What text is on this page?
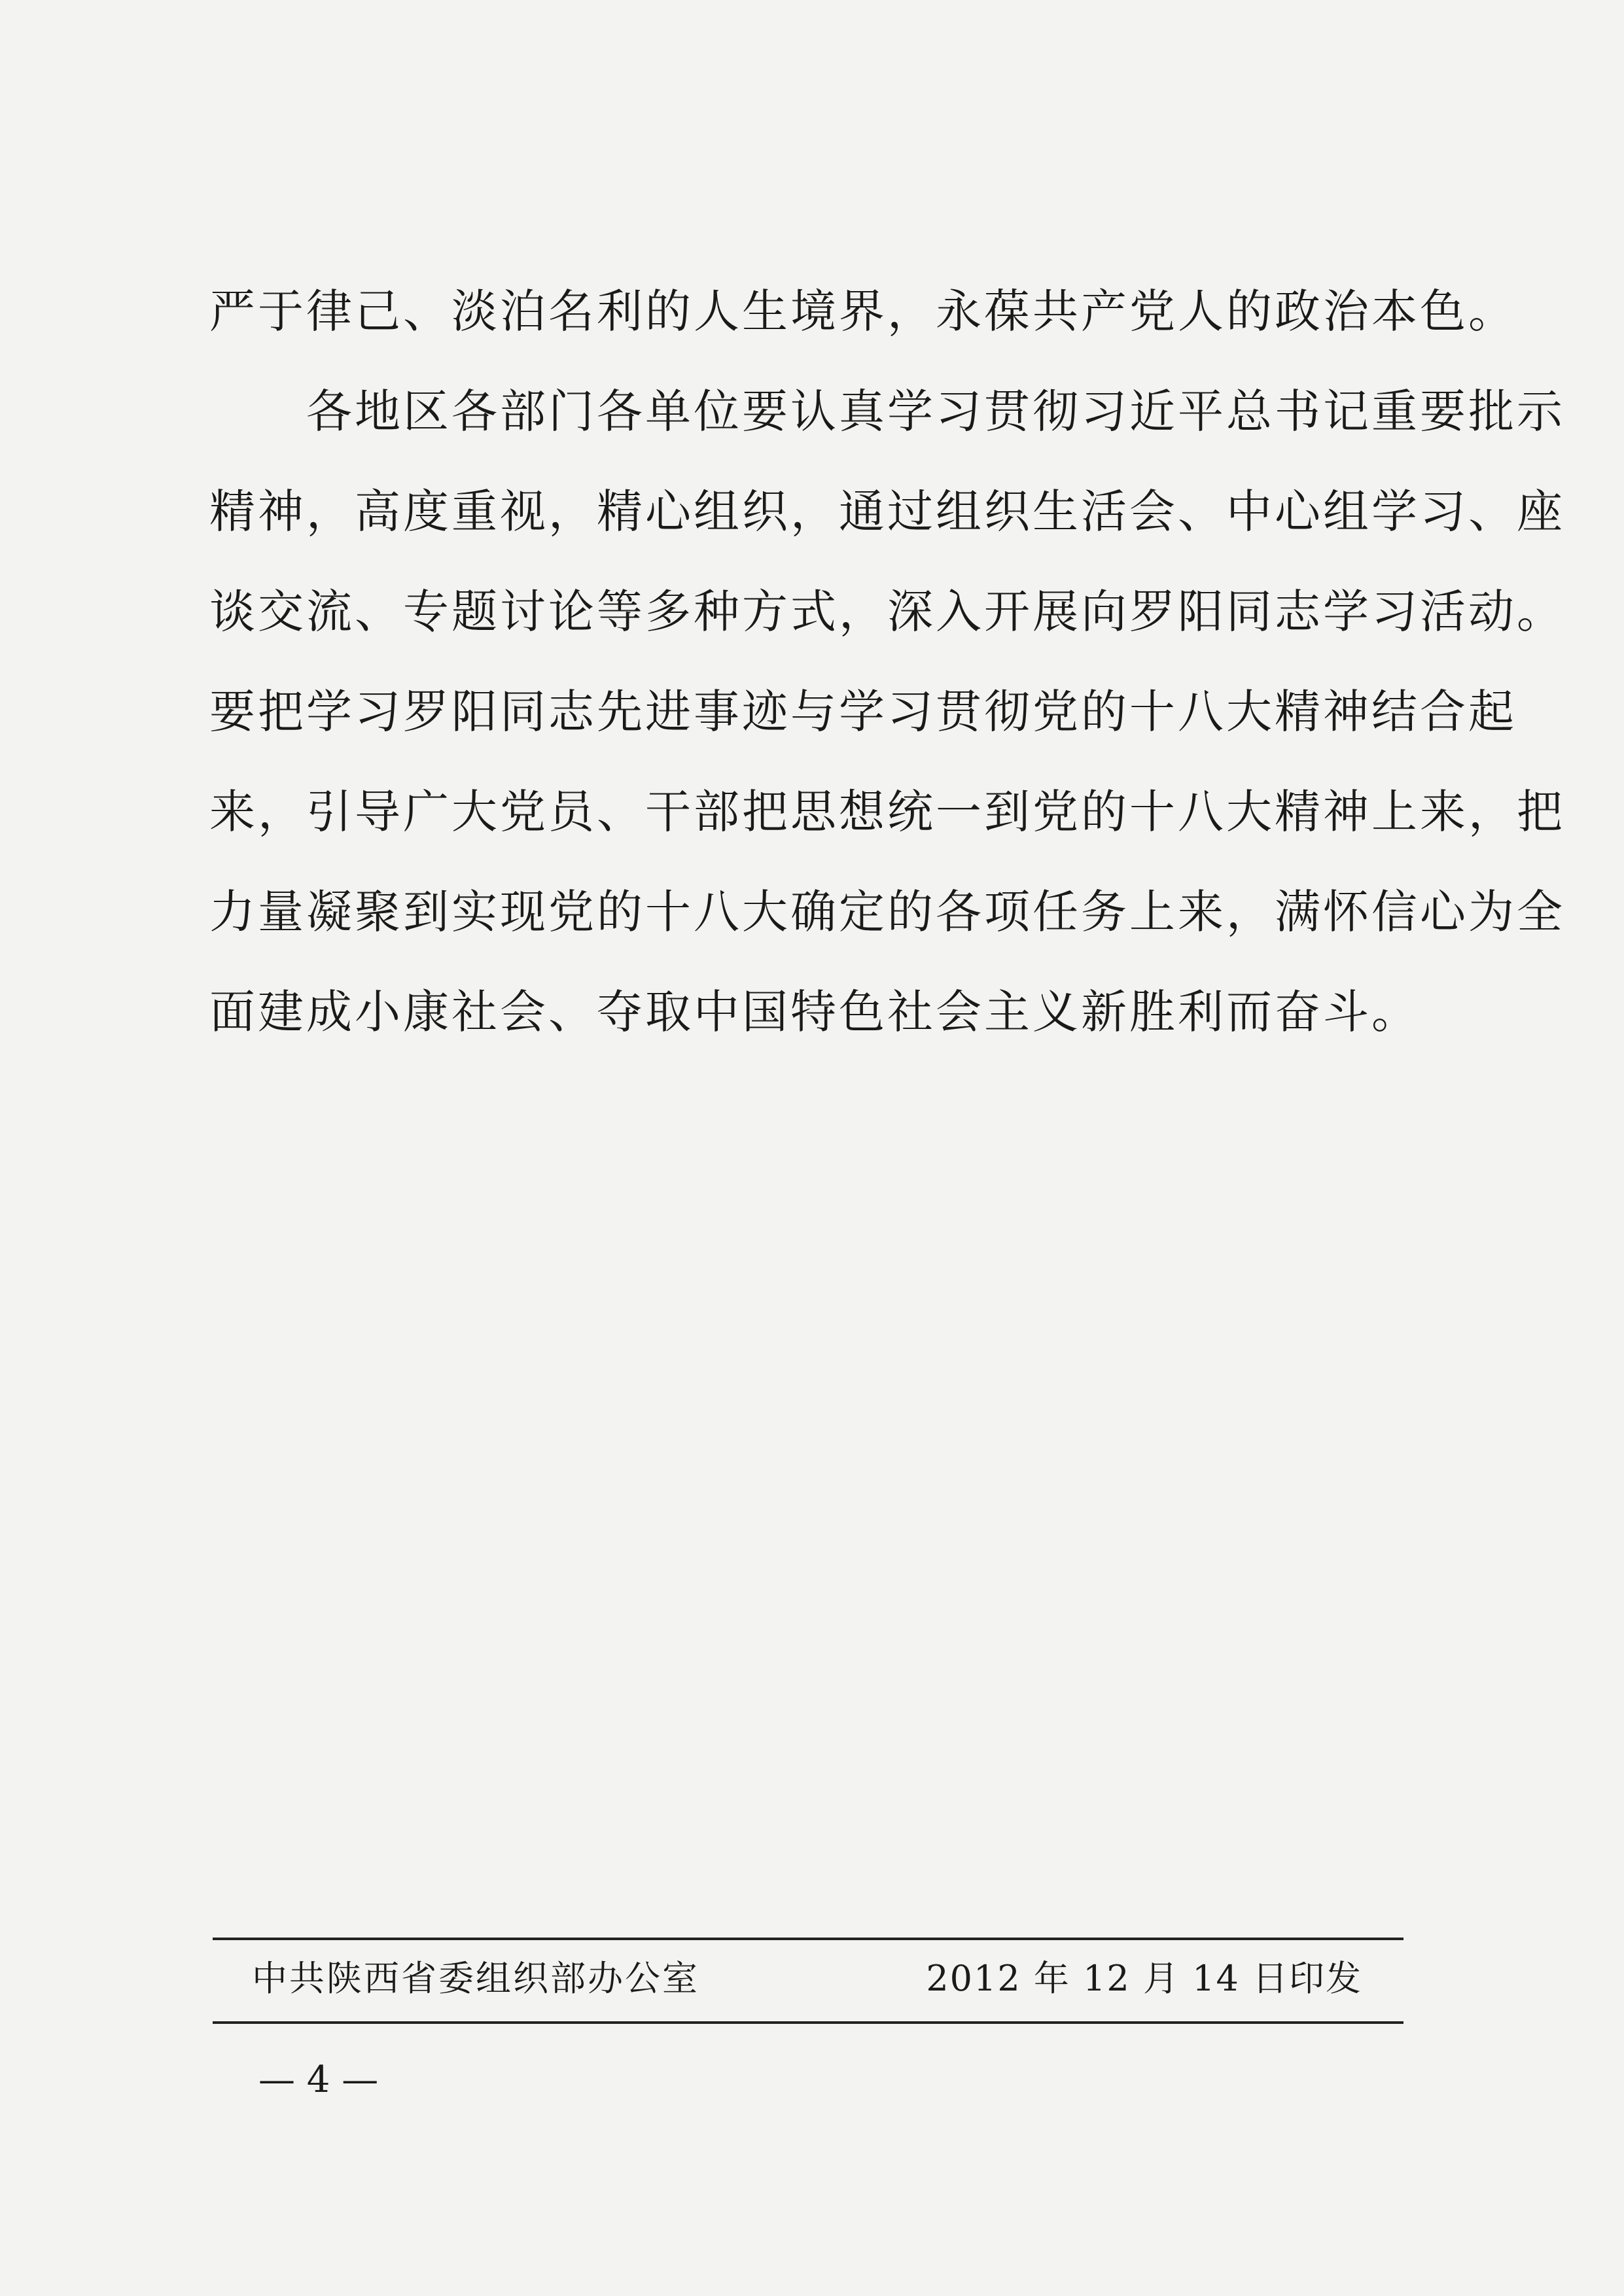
严于律己、淡泊名利的人生境界，永葆共产党人的政治本色。
各地区各部门各单位要认真学习贯彻习近平总书记重要批示
精神，高度重视，精心组织，通过组织生活会、中心组学习、座
谈交流、专题讨论等多种方式，深入开展向罗阳同志学习活动。
要把学习罗阳同志先进事迹与学习贯彻党的十八大精神结合起
来，引导广大党员、干部把思想统一到党的十八大精神上来，把
力量凝聚到实现党的十八大确定的各项任务上来，满怀信心为全
面建成小康社会、夺取中国特色社会主义新胜利而奋斗。
中共陕西省委组织部办公室	2012 年 12 月 14 日印发
— 4 —
